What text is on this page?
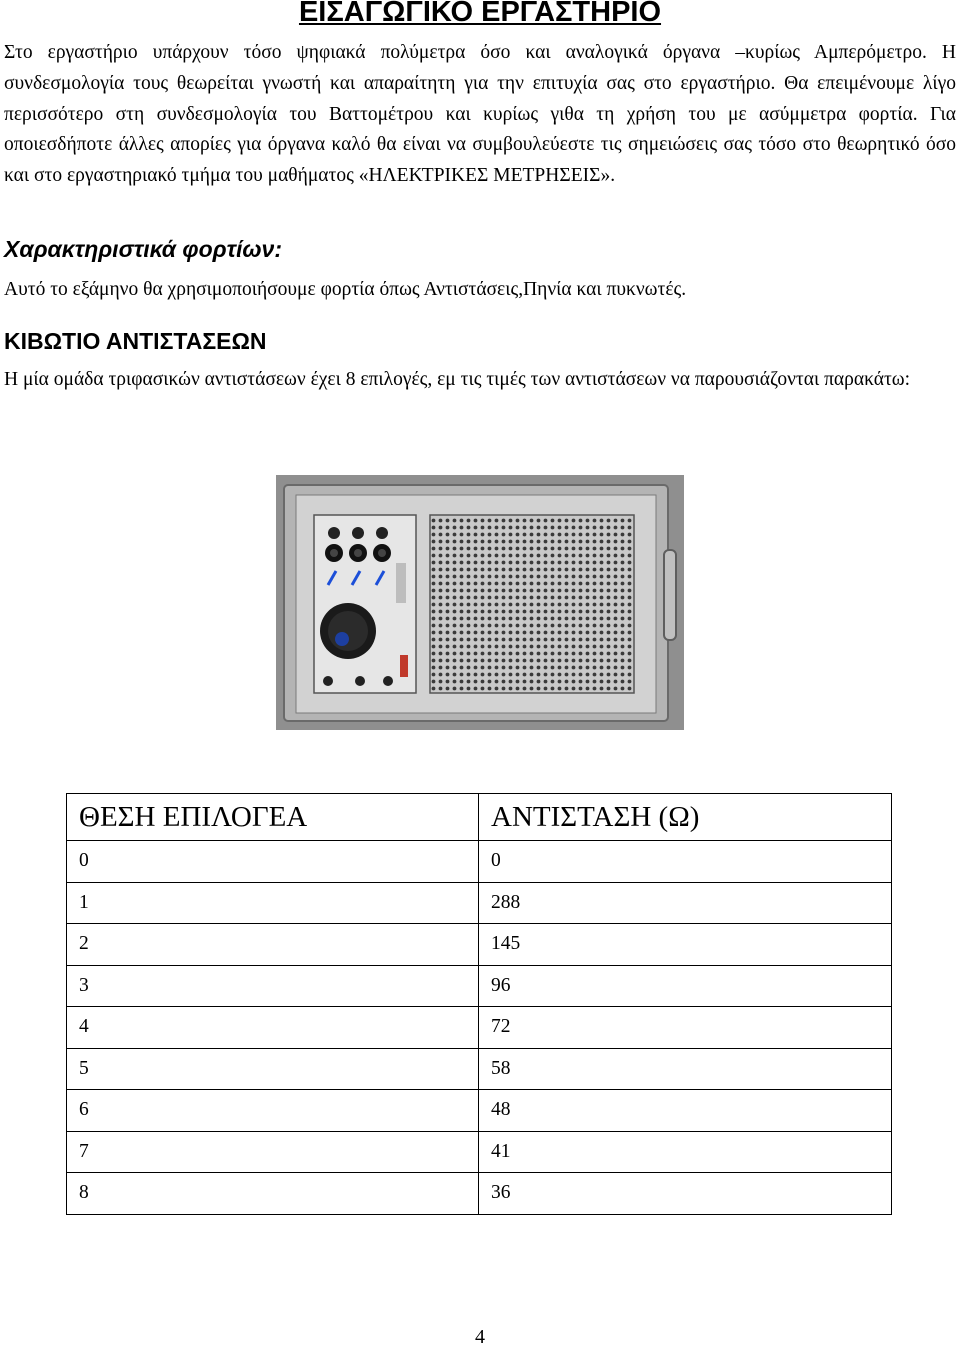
ΕΙΣΑΓΩΓΙΚΟ ΕΡΓΑΣΤΗΡΙΟ

Στο εργαστήριο υπάρχουν τόσο ψηφιακά πολύμετρα όσο και αναλογικά όργανα –κυρίως Αμπερόμετρο. Η συνδεσμολογία τους θεωρείται γνωστή και απαραίτητη για την επιτυχία σας στο εργαστήριο. Θα επειμένουμε λίγο περισσότερο στη συνδεσμολογία του Βαττομέτρου και κυρίως γιθα τη χρήση του με ασύμμετρα φορτία. Για οποιεσδήποτε άλλες απορίες για όργανα καλό θα είναι να συμβουλεύεστε τις σημειώσεις σας τόσο στο θεωρητικό όσο και στο εργαστηριακό τμήμα του μαθήματος «ΗΛΕΚΤΡΙΚΕΣ ΜΕΤΡΗΣΕΙΣ».

Χαρακτηριστικά φορτίων:

Αυτό το εξάμηνο θα χρησιμοποιήσουμε φορτία όπως Αντιστάσεις,Πηνία και πυκνωτές.

ΚΙΒΩΤΙΟ ΑΝΤΙΣΤΑΣΕΩΝ

Η μία ομάδα τριφασικών αντιστάσεων έχει 8 επιλογές, εμ τις τιμές των αντιστάσεων να παρουσιάζονται παρακάτω:

ΘΕΣΗ ΕΠΙΛΟΓΕΑ	ΑΝΤΙΣΤΑΣΗ (Ω)
0	0
1	288
2	145
3	96
4	72
5	58
6	48
7	41
8	36
4
